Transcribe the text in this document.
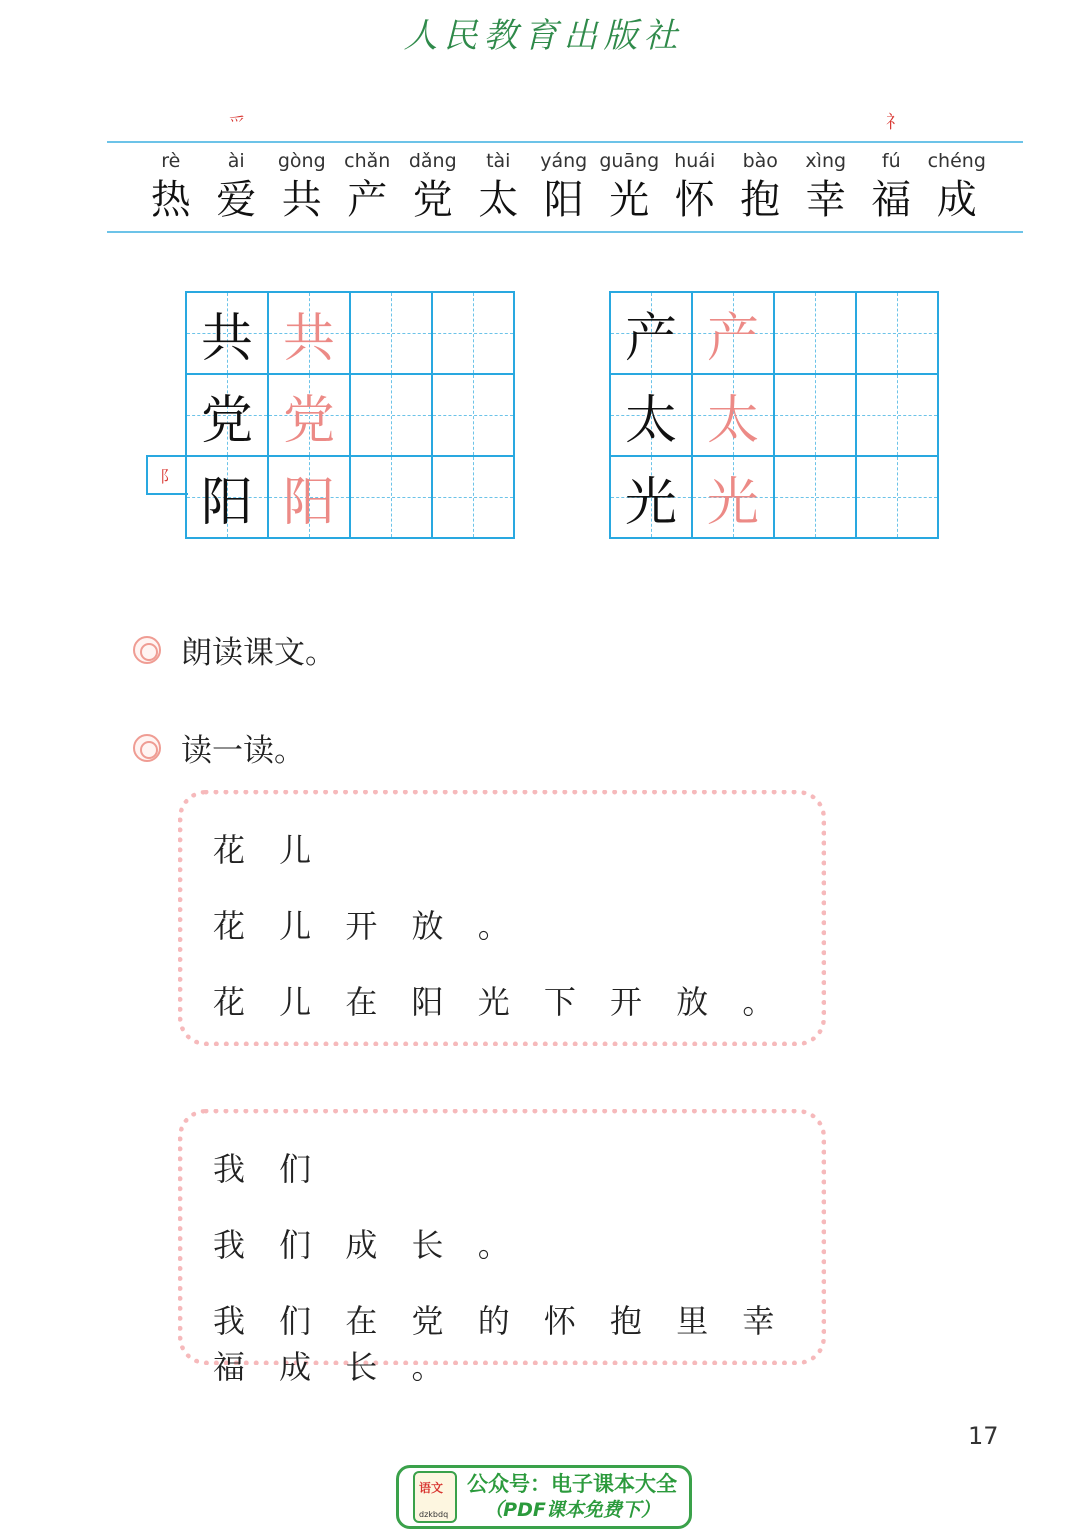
人民教育出版社
爫	礻
rè
热
ài
爱
gòng
共
chǎn
产
dǎng
党
tài
太
yáng
阳
guāng
光
huái
怀
bào
抱
xìng
幸
fú
福
chéng
成
共 共
党 党
阳 阳
阝
产 产
太 太
光 光
朗读课文。
读一读。
花 儿
花 儿 开 放 。
花 儿 在 阳 光 下 开 放 。
我 们
我 们 成 长 。
我 们 在 党 的 怀 抱 里 幸 福 成 长 。
17
语文
dzkbdq
公众号：电子课本大全
（PDF课本免费下）
